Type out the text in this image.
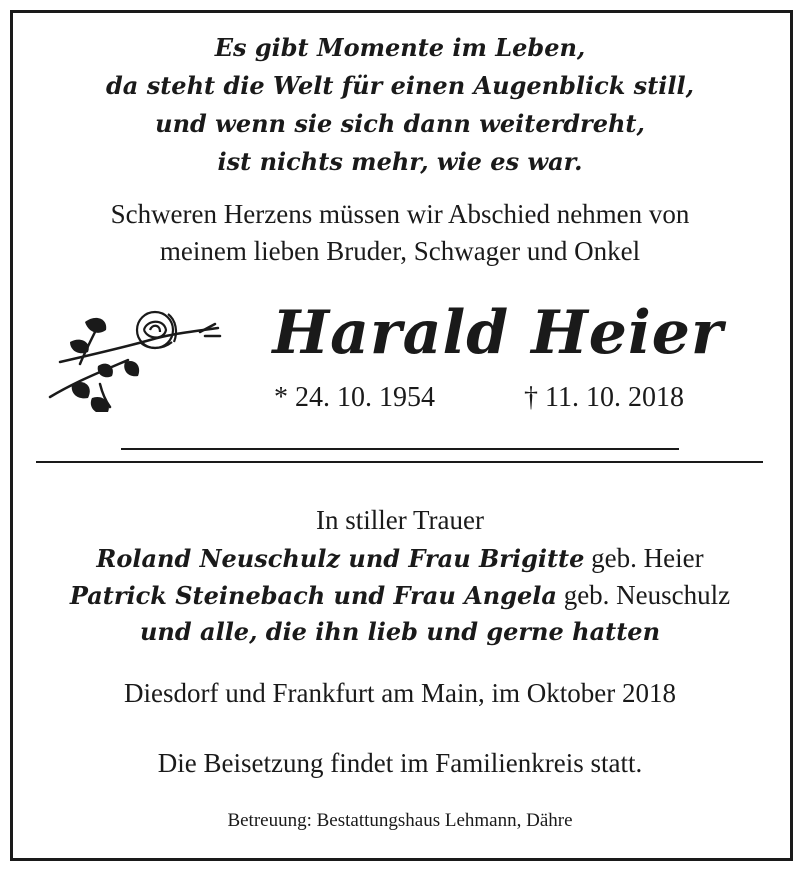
Es gibt Momente im Leben,
da steht die Welt für einen Augenblick still,
und wenn sie sich dann weiterdreht,
ist nichts mehr, wie es war.
Schweren Herzens müssen wir Abschied nehmen von
meinem lieben Bruder, Schwager und Onkel
Harald Heier
* 24. 10. 1954	† 11. 10. 2018
In stiller Trauer
Roland Neuschulz und Frau Brigitte geb. Heier
Patrick Steinebach und Frau Angela geb. Neuschulz
und alle, die ihn lieb und gerne hatten
Diesdorf und Frankfurt am Main, im Oktober 2018
Die Beisetzung findet im Familienkreis statt.
Betreuung: Bestattungshaus Lehmann, Dähre
